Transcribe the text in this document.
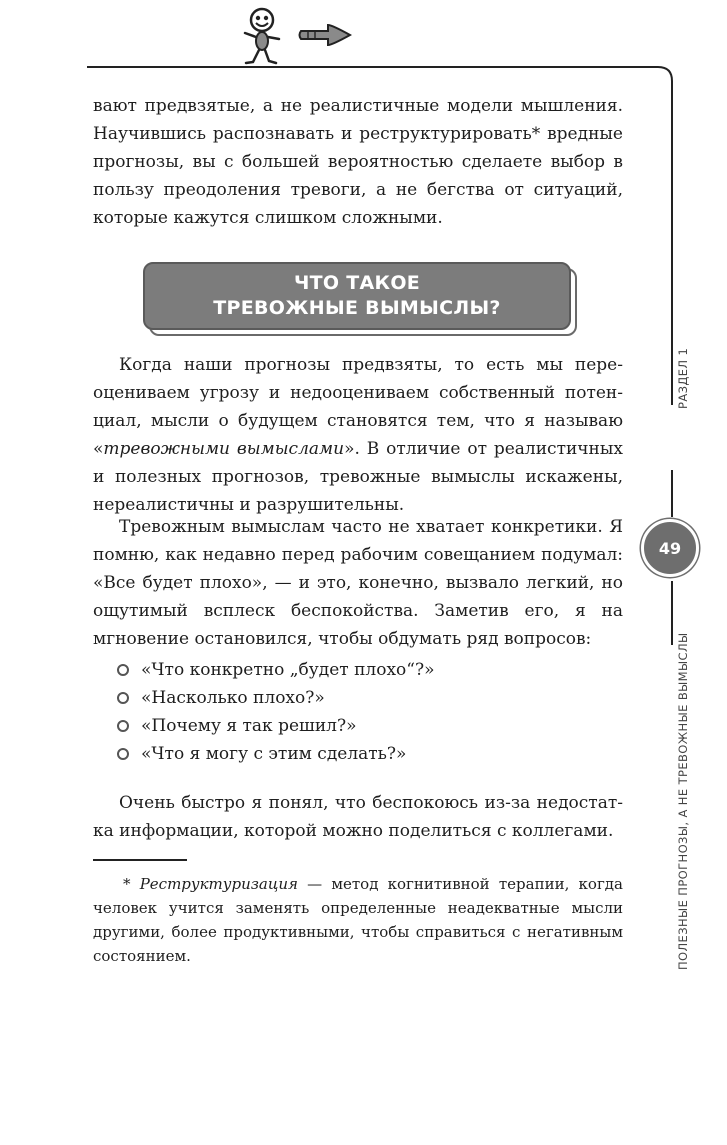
вают предвзятые, а не реалистичные модели мышления. Научившись распознавать и реструктурировать* вредные прогнозы, вы с большей вероятностью сделаете выбор в пользу преодоления тревоги, а не бегства от ситуаций, которые кажутся слишком сложными.

ЧТО ТАКОЕ
ТРЕВОЖНЫЕ ВЫМЫСЛЫ?

Когда наши прогнозы предвзяты, то есть мы переоцениваем угрозу и недооцениваем собственный потенциал, мысли о будущем становятся тем, что я называю «тревожными вымыслами». В отличие от реалистичных и полезных прогнозов, тревожные вымыслы искажены, нереалистичны и разрушительны.

Тревожным вымыслам часто не хватает конкретики. Я помню, как недавно перед рабочим совещанием подумал: «Все будет плохо», — и это, конечно, вызвало легкий, но ощутимый всплеск беспокойства. Заметив его, я на мгновение остановился, чтобы обдумать ряд вопросов:

«Что конкретно „будет плохо“?»
«Насколько плохо?»
«Почему я так решил?»
«Что я могу с этим сделать?»

Очень быстро я понял, что беспокоюсь из-за недостатка информации, которой можно поделиться с коллегами.

* Реструктуризация — метод когнитивной терапии, когда человек учится заменять определенные неадекватные мысли другими, более продуктивными, чтобы справиться с негативным состоянием.

РАЗДЕЛ 1
49
ПОЛЕЗНЫЕ ПРОГНОЗЫ, А НЕ ТРЕВОЖНЫЕ ВЫМЫСЛЫ
